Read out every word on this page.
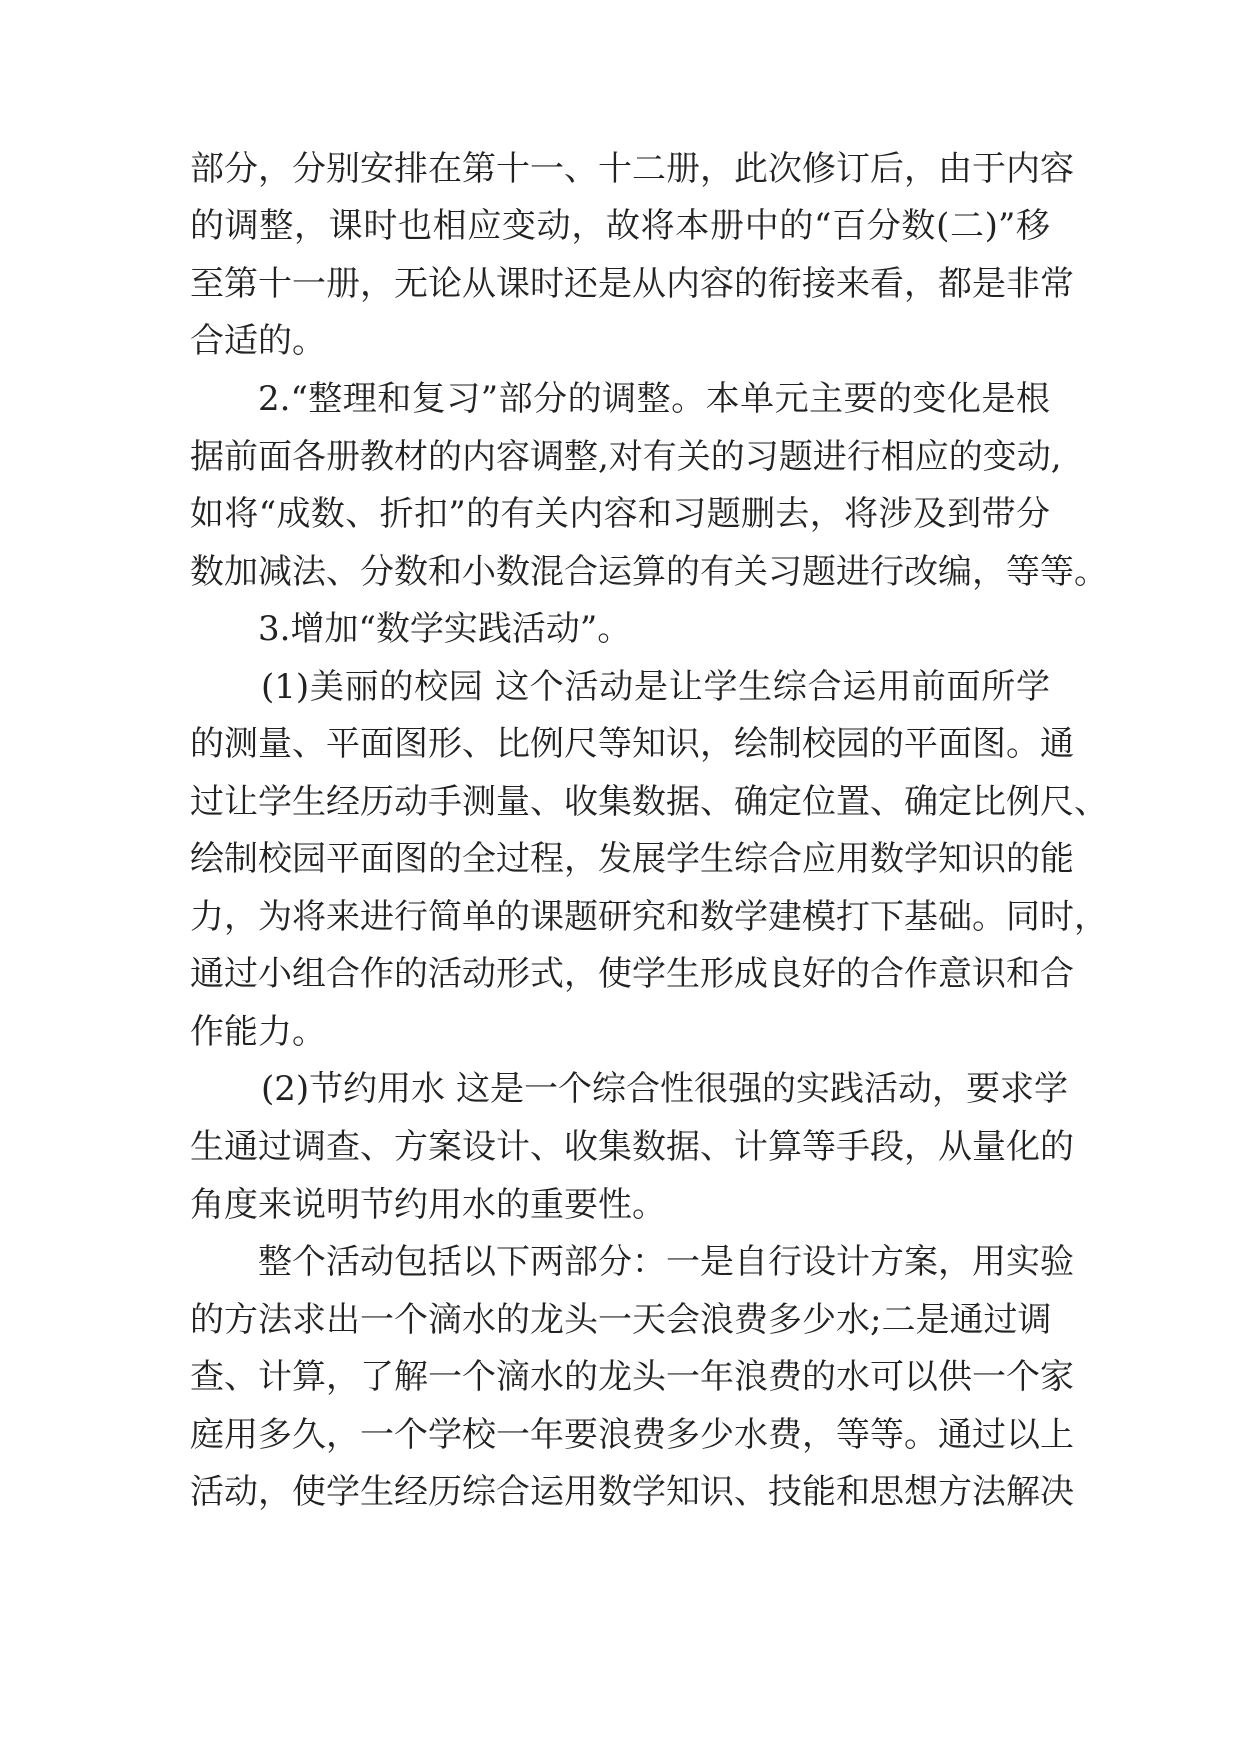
部分，分别安排在第十一、十二册，此次修订后，由于内容
的调整，课时也相应变动，故将本册中的“百分数(二)”移
至第十一册，无论从课时还是从内容的衔接来看，都是非常
合适的。
2.“整理和复习”部分的调整。本单元主要的变化是根
据前面各册教材的内容调整,对有关的习题进行相应的变动,
如将“成数、折扣”的有关内容和习题删去，将涉及到带分
数加减法、分数和小数混合运算的有关习题进行改编，等等。
3.增加“数学实践活动”。
(1)美丽的校园 这个活动是让学生综合运用前面所学
的测量、平面图形、比例尺等知识，绘制校园的平面图。通
过让学生经历动手测量、收集数据、确定位置、确定比例尺、
绘制校园平面图的全过程，发展学生综合应用数学知识的能
力，为将来进行简单的课题研究和数学建模打下基础。同时，
通过小组合作的活动形式，使学生形成良好的合作意识和合
作能力。
(2)节约用水 这是一个综合性很强的实践活动，要求学
生通过调查、方案设计、收集数据、计算等手段，从量化的
角度来说明节约用水的重要性。
整个活动包括以下两部分：一是自行设计方案，用实验
的方法求出一个滴水的龙头一天会浪费多少水;二是通过调
查、计算，了解一个滴水的龙头一年浪费的水可以供一个家
庭用多久，一个学校一年要浪费多少水费，等等。通过以上
活动，使学生经历综合运用数学知识、技能和思想方法解决
